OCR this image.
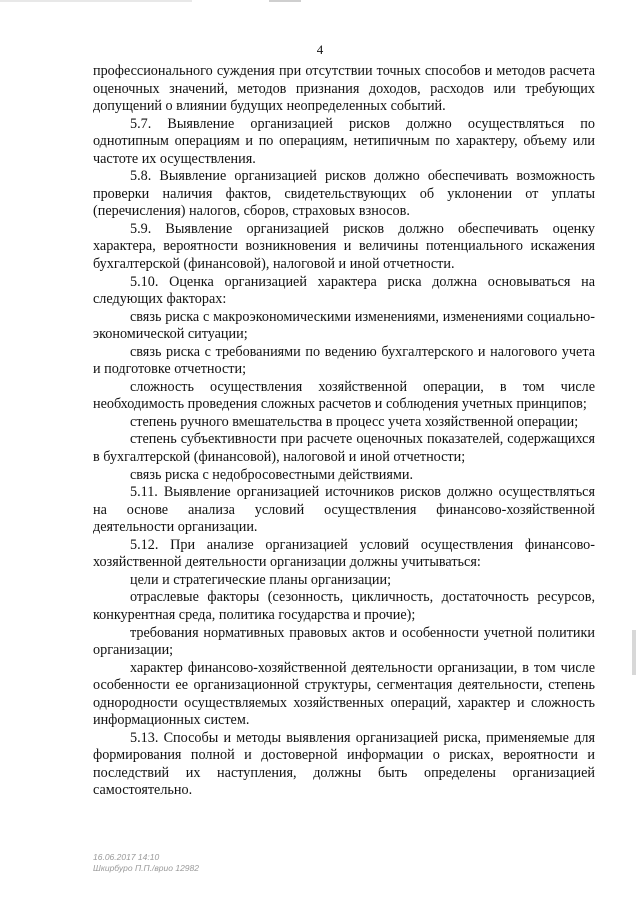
4

профессионального суждения при отсутствии точных способов и методов расчета оценочных значений, методов признания доходов, расходов или требующих допущений о влиянии будущих неопределенных событий.

5.7. Выявление организацией рисков должно осуществляться по однотипным операциям и по операциям, нетипичным по характеру, объему или частоте их осуществления.

5.8. Выявление организацией рисков должно обеспечивать возможность проверки наличия фактов, свидетельствующих об уклонении от уплаты (перечисления) налогов, сборов, страховых взносов.

5.9. Выявление организацией рисков должно обеспечивать оценку характера, вероятности возникновения и величины потенциального искажения бухгалтерской (финансовой), налоговой и иной отчетности.

5.10. Оценка организацией характера риска должна основываться на следующих факторах:

связь риска с макроэкономическими изменениями, изменениями социально-экономической ситуации;

связь риска с требованиями по ведению бухгалтерского и налогового учета и подготовке отчетности;

сложность осуществления хозяйственной операции, в том числе необходимость проведения сложных расчетов и соблюдения учетных принципов;

степень ручного вмешательства в процесс учета хозяйственной операции;

степень субъективности при расчете оценочных показателей, содержащихся в бухгалтерской (финансовой), налоговой и иной отчетности;

связь риска с недобросовестными действиями.

5.11. Выявление организацией источников рисков должно осуществляться на основе анализа условий осуществления финансово-хозяйственной деятельности организации.

5.12. При анализе организацией условий осуществления финансово-хозяйственной деятельности организации должны учитываться:

цели и стратегические планы организации;

отраслевые факторы (сезонность, цикличность, достаточность ресурсов, конкурентная среда, политика государства и прочие);

требования нормативных правовых актов и особенности учетной политики организации;

характер финансово-хозяйственной деятельности организации, в том числе особенности ее организационной структуры, сегментация деятельности, степень однородности осуществляемых хозяйственных операций, характер и сложность информационных систем.

5.13. Способы и методы выявления организацией риска, применяемые для формирования полной и достоверной информации о рисках, вероятности и последствий их наступления, должны быть определены организацией самостоятельно.

16.06.2017 14:10
Шкирбуро П.П./врио 12982
